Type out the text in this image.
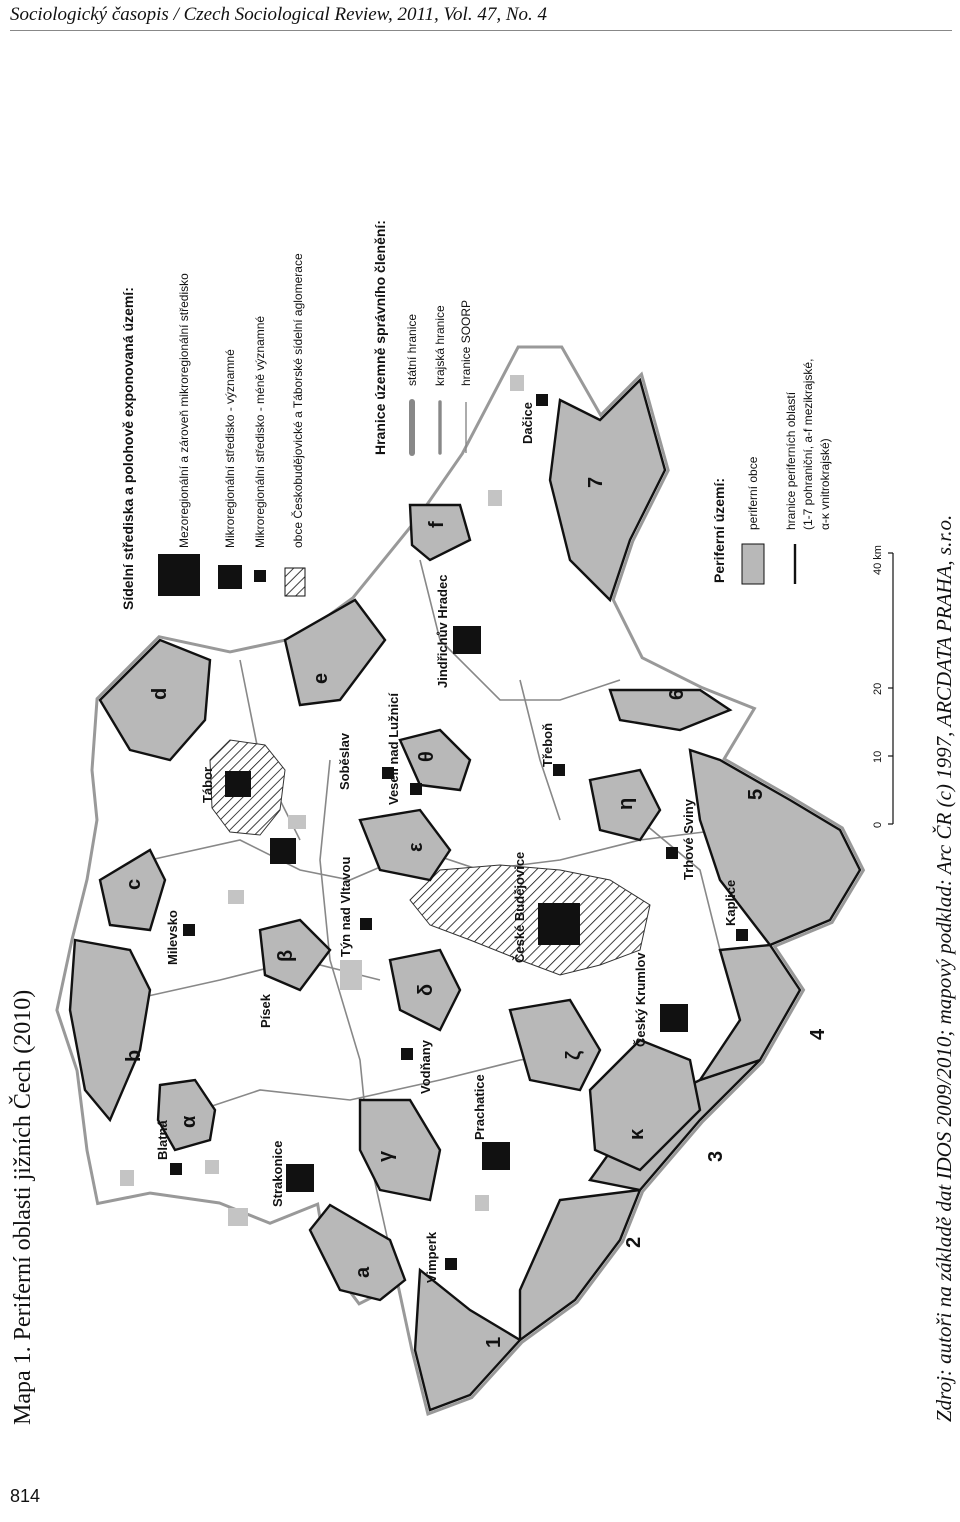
Sociologický časopis / Czech Sociological Review, 2011, Vol. 47, No. 4
Mapa 1. Periferní oblasti jižních Čech (2010)	Zdroj: autoři na základě dat IDOS 2009/2010; mapový podklad: Arc ČR (c) 1997, ARCDATA PRAHA, s.r.o.
814
Tábor
Milevsko
Písek
Blatná
Strakonice
Vimperk
Vodňany
Prachatice
Týn nad Vltavou
Soběslav	Veselí nad Lužnicí
České Budějovice
Český Krumlov
Kaplice
Trhové Sviny
Třeboň
Jindřichův Hradec
Dačice
a
b
c
d
e
f
α
β
γ
δ
ε
ζ
η
θ
κ
1
2
3
4
5
6
7
Sídelní střediska a polohově exponovaná území:	Mezoregionální a zároveň mikroregionální středisko	Mikroregionální středisko - významné Mikroregionální středisko - méně významné obce Českobudějovické a Táborské sídelní aglomerace	Hranice územně správního členění: státní hranice krajská hranice hranice SOORP
Periferní území: periferní obce hranice periferních oblastí (1-7 pohraniční, a-f mezikrajské, α-κ vnitrokrajské)
0
10
20
40 km
